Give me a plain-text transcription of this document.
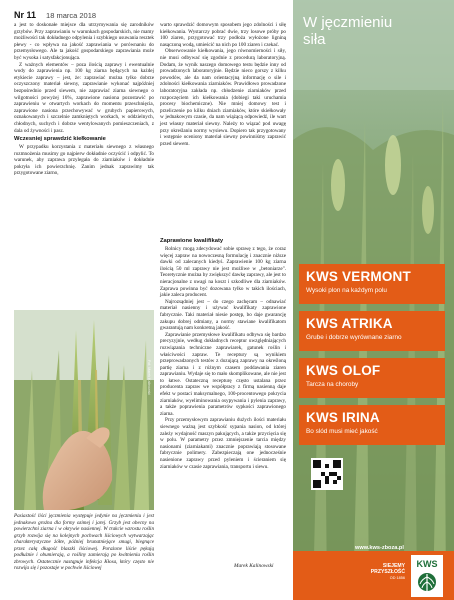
Nr 11 18 marca 2018

a jest to doskonałe miejsce dla utrzymywania się zarodników grzybów. Przy zaprawianiu w warunkach gospodarskich, nie mamy możliwości tak dokładnego odpylenia i szybkiego usuwania resztek płewy - co wpływa na jakość zaprawiania w porównaniu do przemysłowego. Ale ta jakość gospodarskiego zaprawiania może być wysoka i satysfakcjonująca.

Z ważnych elementów – poza ilością zaprawy i ewentualnie wody do zaprawienia np. 100 kg ziarna będących na każdej etykiecie zaprawy – jest, że: zaprawiać można tylko dobrze oczyszczony materiał siewny, zaprawianie wykonać najpóźniej bezpośrednio przed siewem, nie zaprawiać ziarna siewnego o wilgotności powyżej 16%, zaprawione nasiona pozostawić po zaprawieniu w otwartych workach do momentu przeschnięcia, zaprawione nasiona przechowywać w grubych papierowych, oznakowanych i szczelnie zamkniętych workach, w oddzielnych, chłodnych, suchych i dobrze wentylowanych pomieszczeniach, z dala od żywności i pasz.

Wczesniej sprawdzić kiełkowanie

W przypadku korzystania z materiału siewnego z własnego rozmnożenia musimy go najpierw dokładnie oczyścić i odpylić. To warunek, aby zaprawa przylegała do ziarniaków i dokładnie pokryła ich powierzchnię. Zanim jednak zaprawimy tak przygotowane ziarno,

Fot. Marek Kalinowski
Pasiastość liści jęczmienia występuje jedynie na jęczmieniu i jest jednakowo groźna dla formy ozimej i jarej. Grzyb jest obecny na powierzchni ziarna i w okrywie nasiennej. W trakcie wzrostu roślin grzyb rozwija się na kolejnych pochwach liściowych wytwarzając charakterystyczne żółte, później brunatniejące smugi, biegnące przez całą długość blaszki liściowej. Porażone liście pękają podłużnie i obumierają, a rośliny zamierają po kwitnieniu roślin zbrowych. Ostatecznie nastąpuje infekcja Kłosa, który często nie rozwija się i pozostaje w pochwie liściowej

warto sprawdzić domowym sposobem jego zdolności i siłę kiełkowania. Wystarczy pobrać dwie, trzy losowe próby po 100 ziaren, przygotować trzy podłoża wyłożone ligniną nasączoną wodą, umieścić na nich po 100 ziaren i czekać.

Obserwowanie kiełkowania, jego równomierności i siły, nie musi odbywać się zgodnie z procedurą laboratoryjną. Dodam, że wynik naszego domowego testu będzie inny od prowadzonych laboratoryjnie. Będzie nieco gorszy z kilku powodów, ale da nam orientacyjną informację o sile i zdolności kiełkowania ziarniaków. Prawidłowo prowadzone laboratoryjna zakłada np. chłodzenie ziarniaków przed rozpoczęciem ich kiełkowania (dobiegi taki uruchamia procesy biochemiczne). Nie mniej domowy test i przeliczenie po kilku dniach ziarniaków, które skiełkowały w jednakowym czasie, da nam wiążącą odpowiedź, ile wart jest własny materiał siewny. Należy to wiązać pod uwagę przy określaniu normy wysiewu. Dopiero tak przygotowany i wstępnie oceniony materiał siewny powinniśmy zaprawić przed siewem.

Zaprawione kwalifikaty

Rolnicy mogą zdecydować sobie sprawę z tego, że coraz więcej zapraw na nowoczesną formulację i znacznie niższe dawki od zalecanych kiedyś. Zaprawienie 100 kg ziarna ilością 50 ml zaprawy nie jest możliwe w „betoniarze". Teoretycznie można by zwiększyć dawkę zaprawy, ale jest to nieracjonalne z uwagi na koszt i szkodliwe dla ziarniaków. Zaprawa powinna być dozowana tylko w takich ilościach, jakie zaleca producent.

Najrozsądniej jest – do czego zachęcam – odnawiać materiał nasienny i używać kwalifikaty zaprawione fabrycznie. Taki materiał niesie postęp, bo daje gwarancję zakupu dobrej odmiany, a normy stawiane kwalifikatom gwarantują nam konkretną jakość.

Zaprawianie przemysłowe kwalifikatu odbywa się bardzo precyzyjnie, według dokładnych receptur uwzględniających rozwiązania techniczne zaprawiarek, gatunek roślin i właściwości zapraw. Te receptury są wynikiem przeprowadzonych testów z dozującą zaprawy na określoną partię ziarna i z różnym czasem poddawania ziaren zaprawianiu. Wydaje się to mało skomplikowane, ale nie jest to łatwe. Ostateczną recepturę często ustalana przez producenta zapraw we współpracy z firmą nasienną daje efekt w postaci maksymalnego, 100-procentowego pokrycia ziarniaków, wyeliminowania osypywania i pylenia zaprawy, a także poprawienia parametrów sypkości zaprawionego ziarna.

Przy przemysłowym zaprawianiu dużych ilości materiału siewnego ważną jest szybkość sypania nasion, od której zależy wydajność maszyn pakujących, a także przycięcia się w polu. W parametry przez zmniejszenie tarcia między nasionami (ziarniakami) znacznie poprawiają stosowane fabrycznie polimery. Zabezpieczają one jednocześnie nasienione zaprawy przed pyleniem i ścieraniem się ziarniaków w czasie zaprawiania, transportu i siewu.

Marek Kalinowski
W jęczmieniu
siła
KWS VERMONT
Wysoki plon na każdym polu
KWS ATRIKA
Grube i dobrze wyrównane ziarno
KWS OLOF
Tarcza na choroby
KWS IRINA
Bo slód musi mieć jakość
www.kws-zboza.pl
SIEJEMY
PRZYSZŁOŚĆ
OD 1856
KWS
